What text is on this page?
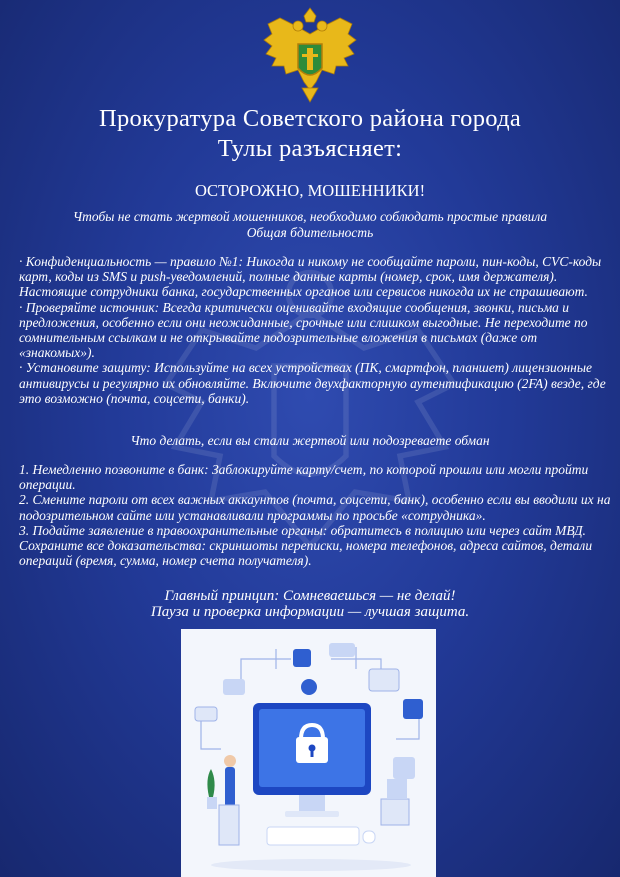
Прокуратура Советского района города
Тулы разъясняет:
ОСТОРОЖНО, МОШЕННИКИ!
Чтобы не стать жертвой мошенников, необходимо соблюдать простые правила
Общая бдительность

· Конфиденциальность — правило №1: Никогда и никому не сообщайте пароли, пин-коды, CVC-коды карт, коды из SMS и push-уведомлений, полные данные карты (номер, срок, имя держателя). Настоящие сотрудники банка, государственных органов или сервисов никогда их не спрашивают.

· Проверяйте источник: Всегда критически оценивайте входящие сообщения, звонки, письма и предложения, особенно если они неожиданные, срочные или слишком выгодные. Не переходите по сомнительным ссылкам и не открывайте подозрительные вложения в письмах (даже от «знакомых»).

· Установите защиту: Используйте на всех устройствах (ПК, смартфон, планшет) лицензионные антивирусы и регулярно их обновляйте. Включите двухфакторную аутентификацию (2FA) везде, где это возможно (почта, соцсети, банки).

Что делать, если вы стали жертвой или подозреваете обман

1. Немедленно позвоните в банк: Заблокируйте карту/счет, по которой прошли или могли пройти операции.

2. Смените пароли от всех важных аккаунтов (почта, соцсети, банк), особенно если вы вводили их на подозрительном сайте или устанавливали программы по просьбе «сотрудника».

3. Подайте заявление в правоохранительные органы: обратитесь в полицию или через сайт МВД. Сохраните все доказательства: скриншоты переписки, номера телефонов, адреса сайтов, детали операций (время, сумма, номер счета получателя).

Главный принцип: Сомневаешься — не делай!
Пауза и проверка информации — лучшая защита.
